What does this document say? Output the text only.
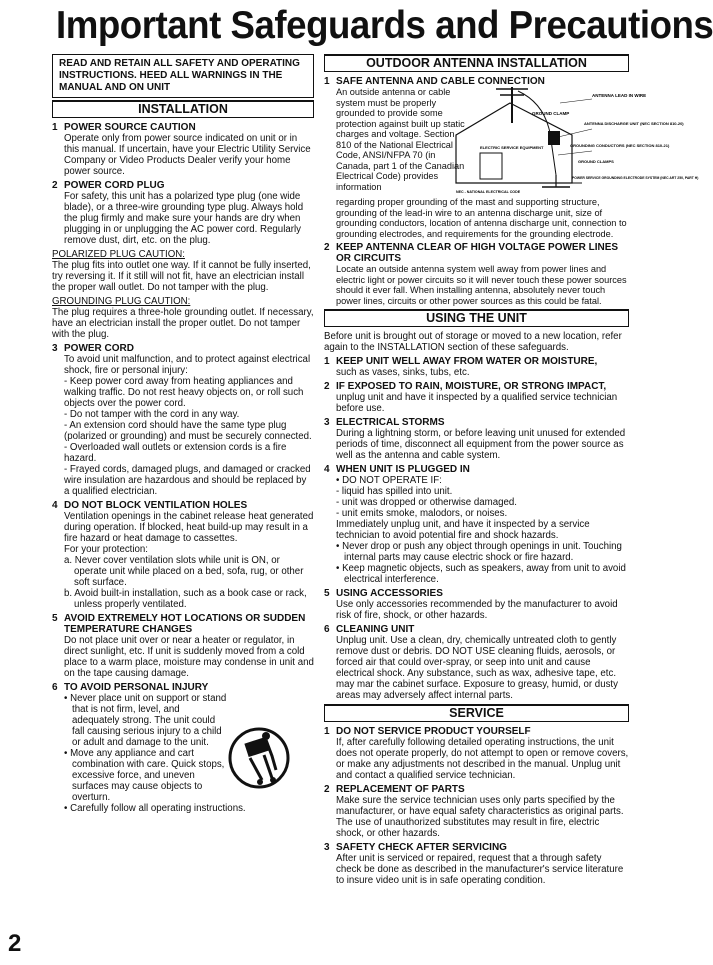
Important Safeguards and Precautions
READ AND RETAIN ALL SAFETY AND OPERATING INSTRUCTIONS. HEED ALL WARNINGS IN THE MANUAL AND ON UNIT
INSTALLATION
1 POWER SOURCE CAUTION

Operate only from power source indicated on unit or in this manual. If uncertain, have your Electric Utility Service Company or Video Products Dealer verify your home power source.

2 POWER CORD PLUG

For safety, this unit has a polarized type plug (one wide blade), or a three-wire grounding type plug. Always hold the plug firmly and make sure your hands are dry when plugging in or unplugging the AC power cord. Regularly remove dust, dirt, etc. on the plug.

POLARIZED PLUG CAUTION:

The plug fits into outlet one way. If it cannot be fully inserted, try reversing it. If it still will not fit, have an electrician install the proper wall outlet. Do not tamper with the plug.

GROUNDING PLUG CAUTION:

The plug requires a three-hole grounding outlet. If necessary, have an electrician install the proper outlet. Do not tamper with the plug.

3 POWER CORD

To avoid unit malfunction, and to protect against electrical shock, fire or personal injury:

- Keep power cord away from heating appliances and walking traffic. Do not rest heavy objects on, or roll such objects over the power cord.

- Do not tamper with the cord in any way.

- An extension cord should have the same type plug (polarized or grounding) and must be securely connected.

- Overloaded wall outlets or extension cords is a fire hazard.

- Frayed cords, damaged plugs, and damaged or cracked wire insulation are hazardous and should be replaced by a qualified electrician.

4 DO NOT BLOCK VENTILATION HOLES

Ventilation openings in the cabinet release heat generated during operation. If blocked, heat build-up may result in a fire hazard or heat damage to cassettes.

For your protection:

a. Never cover ventilation slots while unit is ON, or operate unit while placed on a bed, sofa, rug, or other soft surface.

b. Avoid built-in installation, such as a book case or rack, unless properly ventilated.

5 AVOID EXTREMELY HOT LOCATIONS OR SUDDEN TEMPERATURE CHANGES

Do not place unit over or near a heater or regulator, in direct sunlight, etc. If unit is suddenly moved from a cold place to a warm place, moisture may condense in unit and on the tape causing damage.

6 TO AVOID PERSONAL INJURY

• Never place unit on support or stand that is not firm, level, and adequately strong. The unit could fall causing serious injury to a child or adult and damage to the unit.

• Move any appliance and cart combination with care. Quick stops, excessive force, and uneven surfaces may cause objects to overturn.

• Carefully follow all operating instructions.

OUTDOOR ANTENNA INSTALLATION
1 SAFE ANTENNA AND CABLE CONNECTION

An outside antenna or cable system must be properly grounded to provide some protection against built up static charges and voltage. Section 810 of the National Electrical Code, ANSI/NFPA 70 (in Canada, part 1 of the Canadian Electrical Code) provides information

ANTENNA LEAD IN WIRE
GROUND CLAMP
ANTENNA DISCHARGE UNIT (NEC SECTION 810-20)
ELECTRIC SERVICE EQUIPMENT	GROUNDING CONDUCTORS (NEC SECTION 810-21)
GROUND CLAMPS
POWER SERVICE GROUNDING ELECTRODE SYSTEM (NEC ART 250, PART H)
NEC - NATIONAL ELECTRICAL CODE

regarding proper grounding of the mast and supporting structure, grounding of the lead-in wire to an antenna discharge unit, size of grounding conductors, location of antenna discharge unit, connection to grounding electrodes, and requirements for the grounding electrode.

2 KEEP ANTENNA CLEAR OF HIGH VOLTAGE POWER LINES OR CIRCUITS

Locate an outside antenna system well away from power lines and electric light or power circuits so it will never touch these power sources should it ever fall. When installing antenna, absolutely never touch power lines, circuits or other power sources as this could be fatal.

USING THE UNIT

Before unit is brought out of storage or moved to a new location, refer again to the INSTALLATION section of these safeguards.

1 KEEP UNIT WELL AWAY FROM WATER OR MOISTURE,

such as vases, sinks, tubs, etc.

2 IF EXPOSED TO RAIN, MOISTURE, OR STRONG IMPACT,

unplug unit and have it inspected by a qualified service technician before use.

3 ELECTRICAL STORMS

During a lightning storm, or before leaving unit unused for extended periods of time, disconnect all equipment from the power source as well as the antenna and cable system.

4 WHEN UNIT IS PLUGGED IN

• DO NOT OPERATE IF:

- liquid has spilled into unit.

- unit was dropped or otherwise damaged.

- unit emits smoke, malodors, or noises.

Immediately unplug unit, and have it inspected by a service technician to avoid potential fire and shock hazards.

• Never drop or push any object through openings in unit. Touching internal parts may cause electric shock or fire hazard.

• Keep magnetic objects, such as speakers, away from unit to avoid electrical interference.

5 USING ACCESSORIES

Use only accessories recommended by the manufacturer to avoid risk of fire, shock, or other hazards.

6 CLEANING UNIT

Unplug unit. Use a clean, dry, chemically untreated cloth to gently remove dust or debris. DO NOT USE cleaning fluids, aerosols, or forced air that could over-spray, or seep into unit and cause electrical shock. Any substance, such as wax, adhesive tape, etc. may mar the cabinet surface. Exposure to greasy, humid, or dusty areas may adversely affect internal parts.

SERVICE
1 DO NOT SERVICE PRODUCT YOURSELF

If, after carefully following detailed operating instructions, the unit does not operate properly, do not attempt to open or remove covers, or make any adjustments not described in the manual. Unplug unit and contact a qualified service technician.

2 REPLACEMENT OF PARTS

Make sure the service technician uses only parts specified by the manufacturer, or have equal safety characteristics as original parts. The use of unauthorized substitutes may result in fire, electric shock, or other hazards.

3 SAFETY CHECK AFTER SERVICING

After unit is serviced or repaired, request that a through safety check be done as described in the manufacturer's service literature to insure video unit is in safe operating condition.

2
